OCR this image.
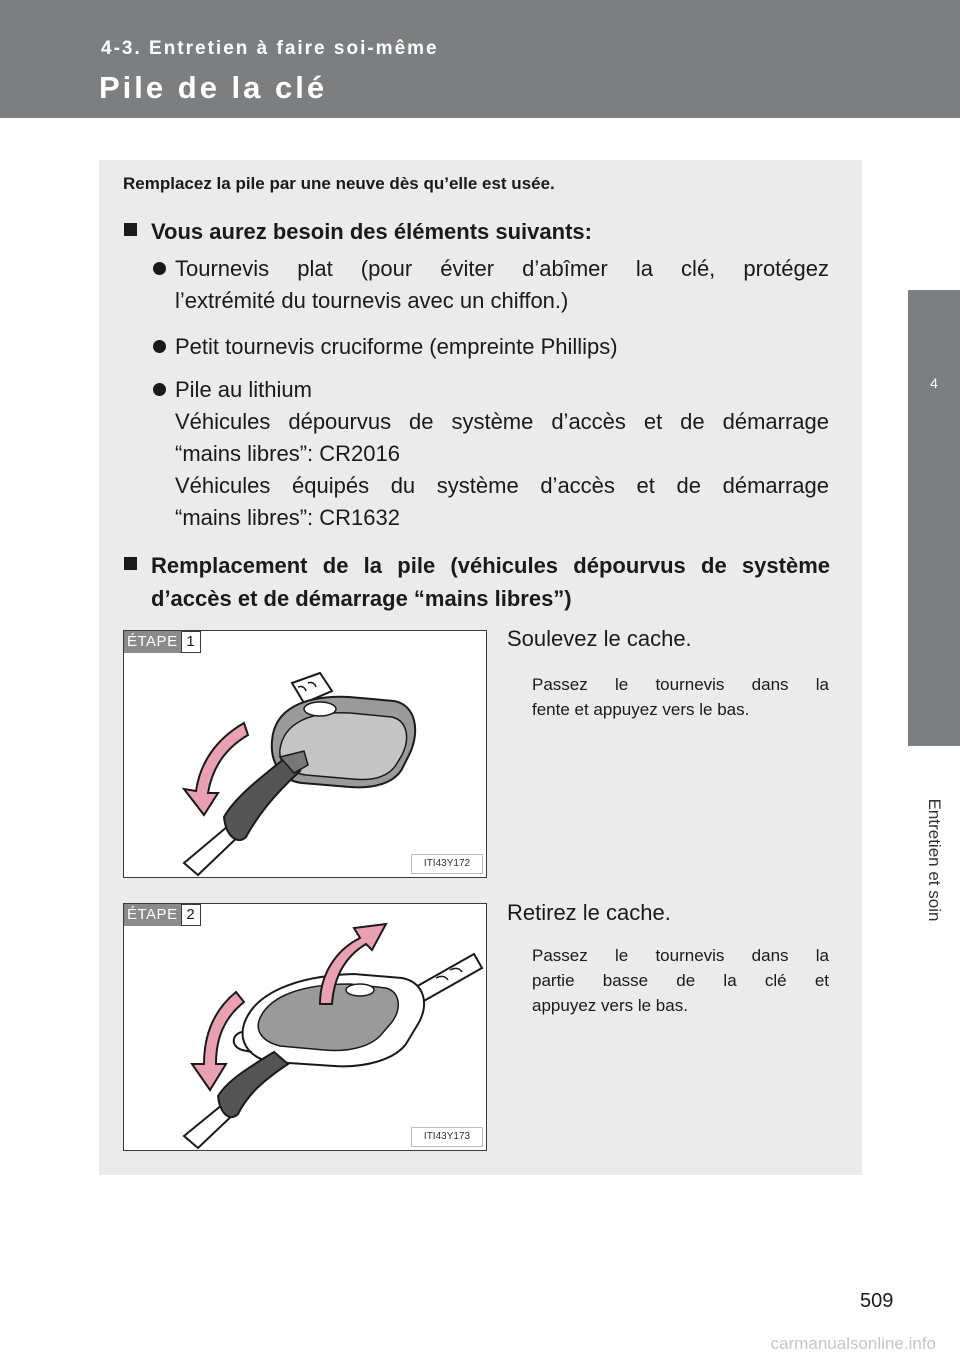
4-3. Entretien à faire soi-même
Pile de la clé
4
Entretien et soin
Remplacez la pile par une neuve dès qu’elle est usée.
Vous aurez besoin des éléments suivants:
Tournevis plat (pour éviter d’abîmer la clé, protégez
l’extrémité du tournevis avec un chiffon.)
Petit tournevis cruciforme (empreinte Phillips)
Pile au lithium
Véhicules dépourvus de système d’accès et de démarrage
“mains libres”: CR2016
Véhicules équipés du système d’accès et de démarrage
“mains libres”: CR1632
Remplacement de la pile (véhicules dépourvus de système
d’accès et de démarrage “mains libres”)
ÉTAPE 1
ITI43Y172
Soulevez le cache.
Passez le tournevis dans la
fente et appuyez vers le bas.
ÉTAPE 2
ITI43Y173
Retirez le cache.
Passez le tournevis dans la
partie basse de la clé et
appuyez vers le bas.
509
carmanualsonline.info
